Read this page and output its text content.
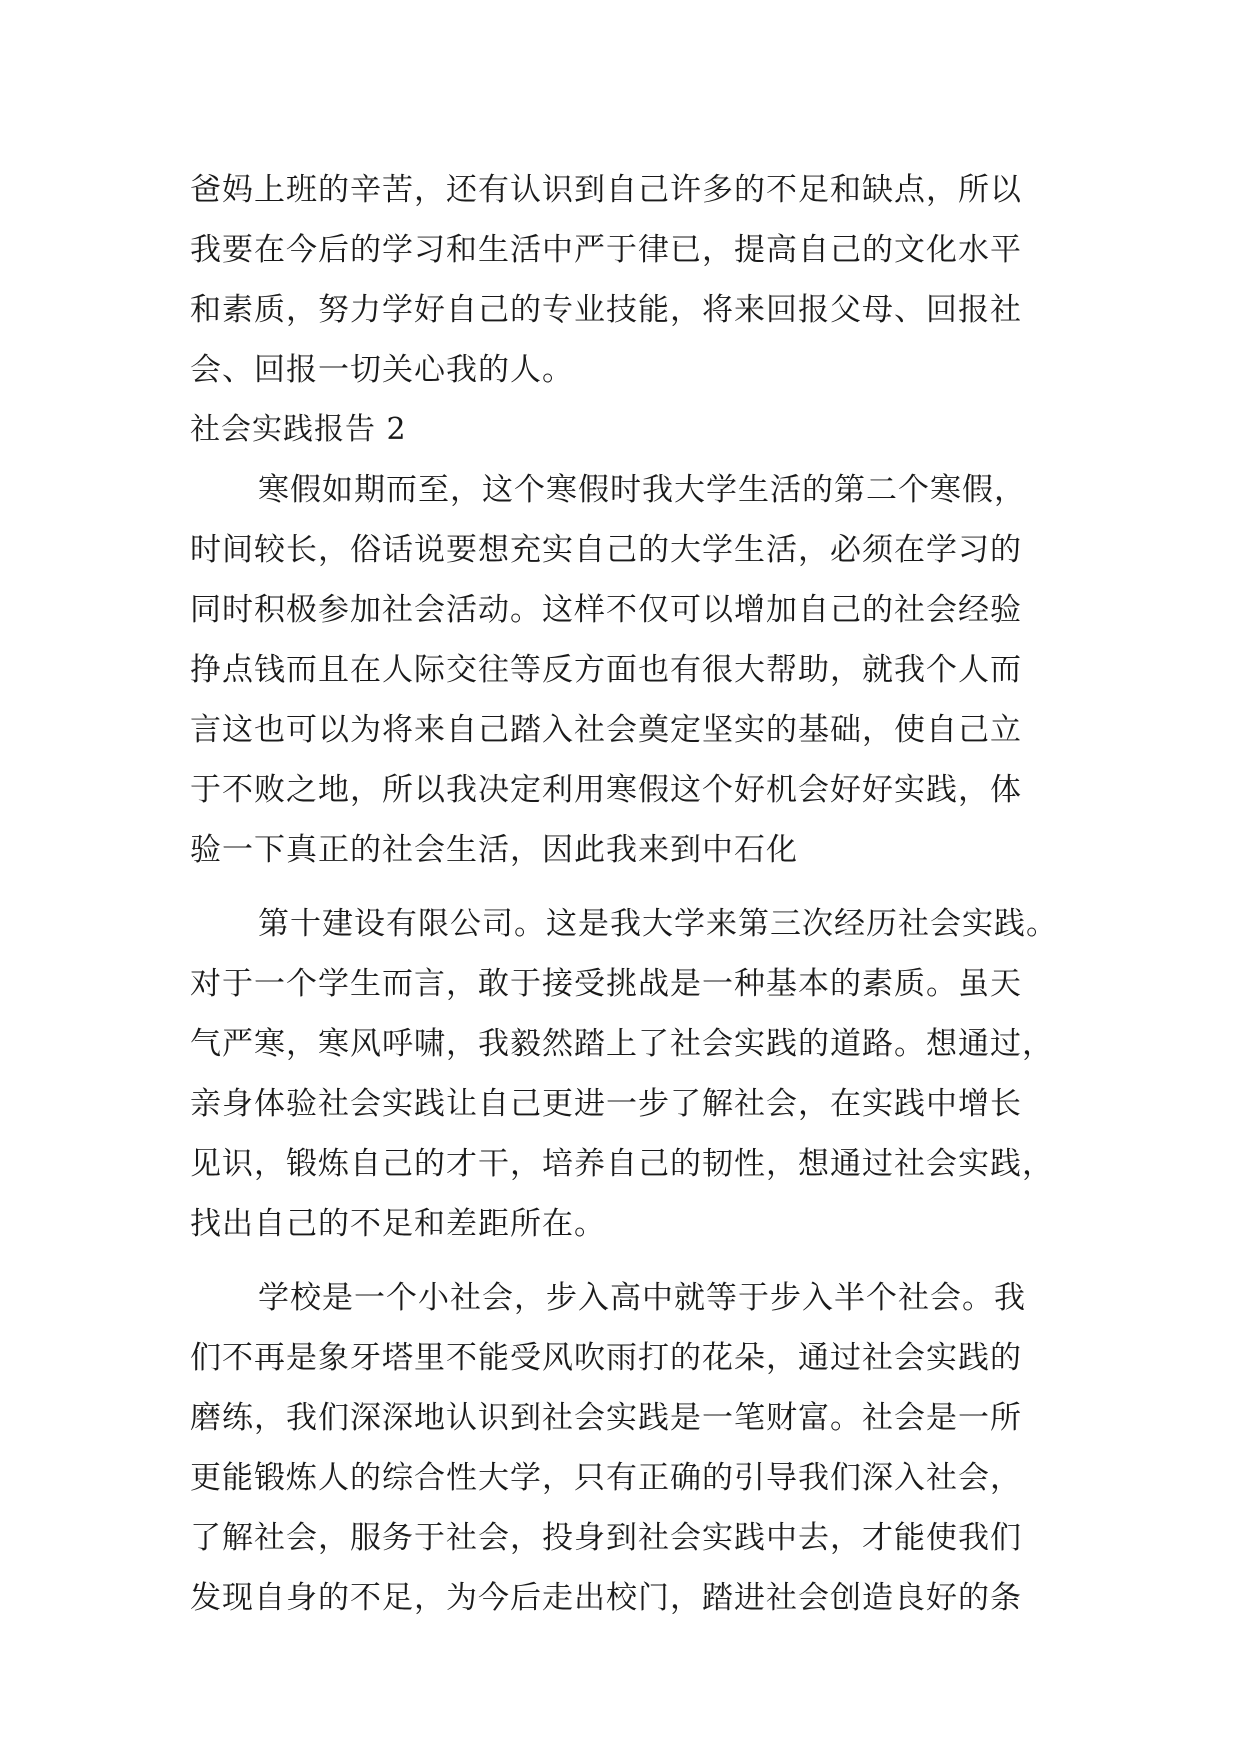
爸妈上班的辛苦，还有认识到自己许多的不足和缺点，所以
我要在今后的学习和生活中严于律已，提高自己的文化水平
和素质，努力学好自己的专业技能，将来回报父母、回报社
会、回报一切关心我的人。
社会实践报告 2
寒假如期而至，这个寒假时我大学生活的第二个寒假，
时间较长，俗话说要想充实自己的大学生活，必须在学习的
同时积极参加社会活动。这样不仅可以增加自己的社会经验
挣点钱而且在人际交往等反方面也有很大帮助，就我个人而
言这也可以为将来自己踏入社会奠定坚实的基础，使自己立
于不败之地，所以我决定利用寒假这个好机会好好实践，体
验一下真正的社会生活，因此我来到中石化
第十建设有限公司。这是我大学来第三次经历社会实践。
对于一个学生而言，敢于接受挑战是一种基本的素质。虽天
气严寒，寒风呼啸，我毅然踏上了社会实践的道路。想通过，
亲身体验社会实践让自己更进一步了解社会，在实践中增长
见识，锻炼自己的才干，培养自己的韧性，想通过社会实践，
找出自己的不足和差距所在。
学校是一个小社会，步入高中就等于步入半个社会。我
们不再是象牙塔里不能受风吹雨打的花朵，通过社会实践的
磨练，我们深深地认识到社会实践是一笔财富。社会是一所
更能锻炼人的综合性大学，只有正确的引导我们深入社会，
了解社会，服务于社会，投身到社会实践中去，才能使我们
发现自身的不足，为今后走出校门，踏进社会创造良好的条
